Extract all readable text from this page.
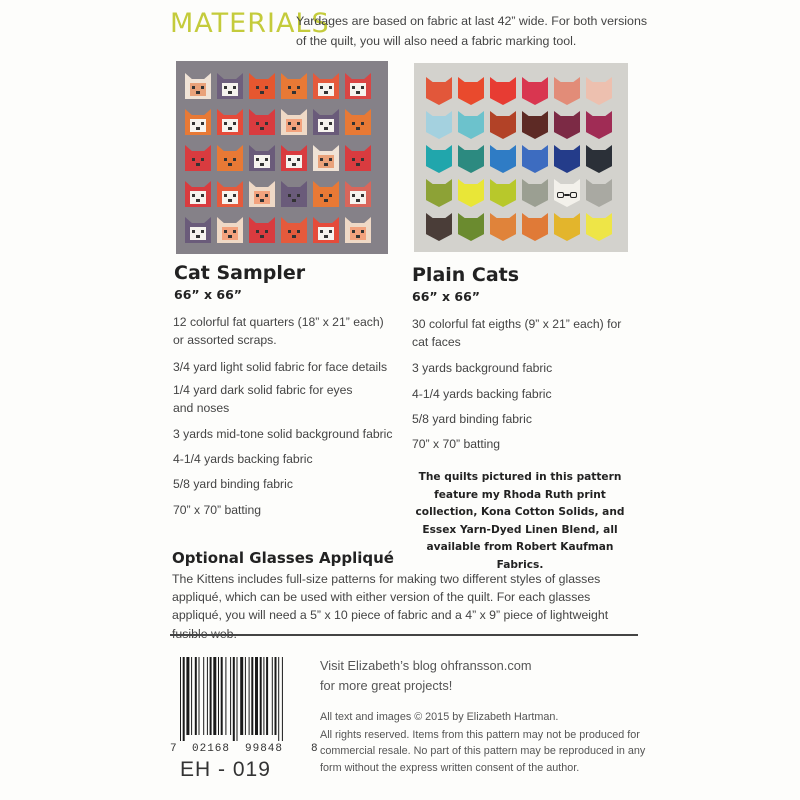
MATERIALS
Yardages are based on fabric at last 42” wide. For both versions of the quilt, you will also need a fabric marking tool.
Cat Sampler
66” x 66”
12 colorful fat quarters (18” x 21” each) or assorted scraps.
3/4 yard light solid fabric for face details
1/4 yard dark solid fabric for eyes and noses
3 yards mid-tone solid background fabric
4-1/4 yards backing fabric
5/8 yard binding fabric
70” x 70” batting
Plain Cats
66” x 66”
30 colorful fat eigths (9” x 21” each) for cat faces
3 yards background fabric
4-1/4 yards backing fabric
5/8 yard binding fabric
70” x 70” batting
The quilts pictured in this pattern feature my Rhoda Ruth print collection, Kona Cotton Solids, and Essex Yarn-Dyed Linen Blend, all available from Robert Kaufman Fabrics.
Optional Glasses Appliqué
The Kittens includes full-size patterns for making two different styles of glasses appliqué, which can be used with either version of the quilt. For each glasses appliqué, you will need a 5” x 10 piece of fabric and a 4” x 9” piece of lightweight
7 02168 99848	8
EH - 019
Visit Elizabeth’s blog ohfransson.com
for more great projects!
All text and images © 2015 by Elizabeth Hartman.
All rights reserved. Items from this pattern may not be produced for commercial resale. No part of this pattern may be reproduced in any form without the express written consent of the author.
